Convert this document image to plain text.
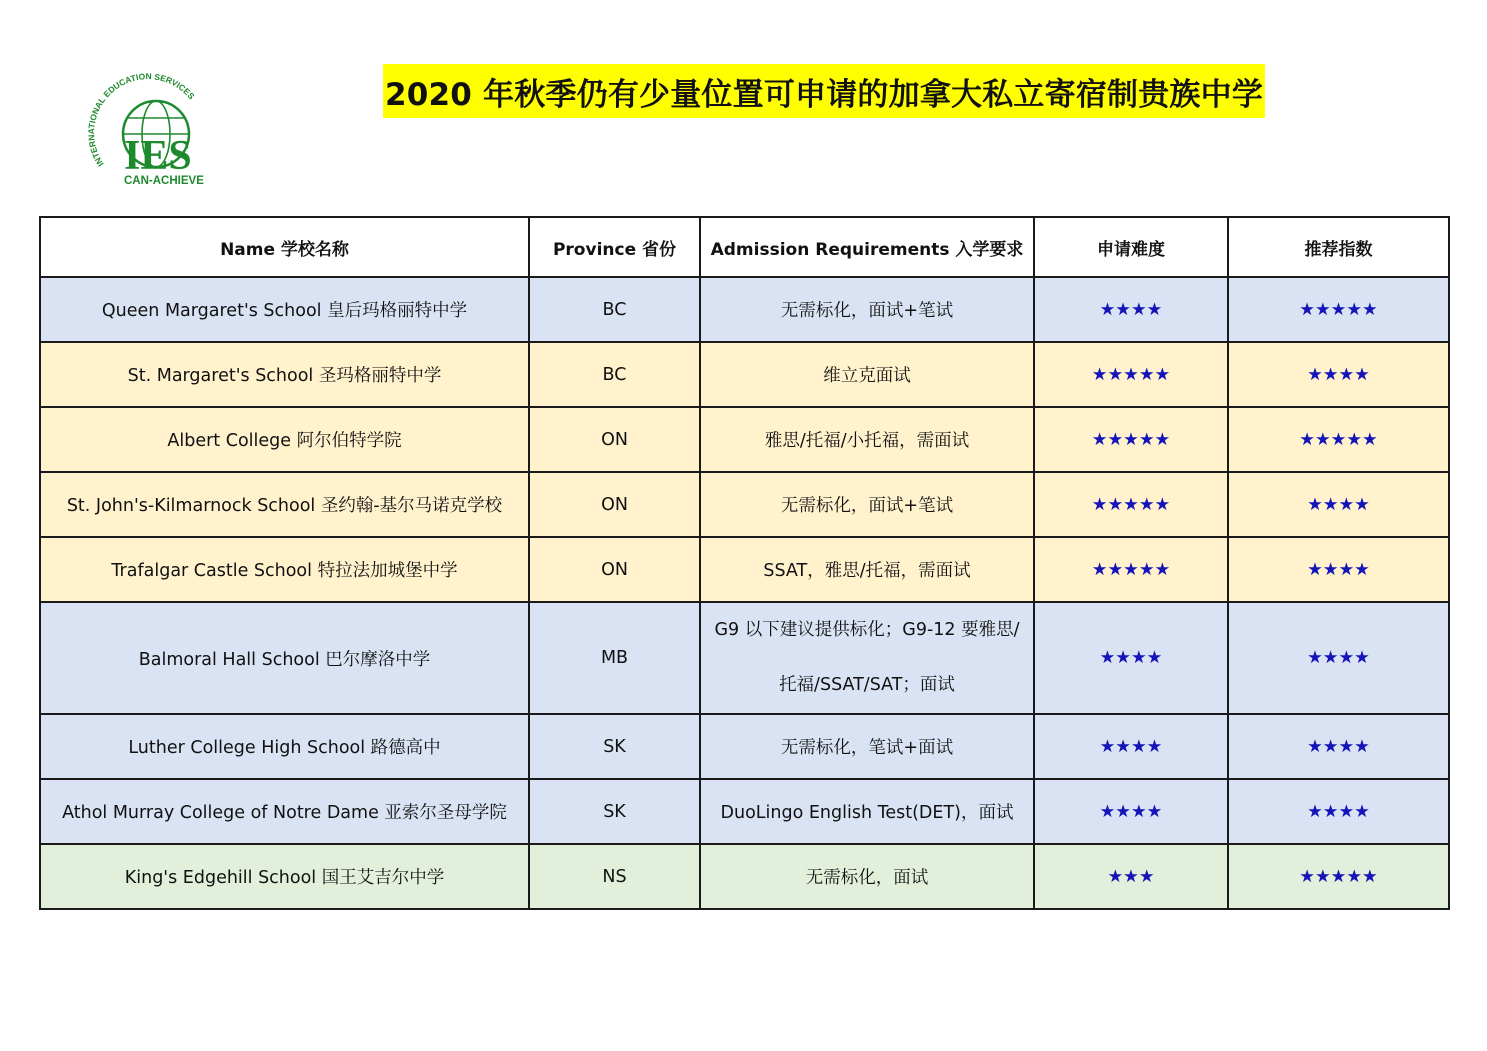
INTERNATIONAL EDUCATION SERVICES
IES
CAN-ACHIEVE
2020 年秋季仍有少量位置可申请的加拿大私立寄宿制贵族中学
Name 学校名称	Province 省份	Admission Requirements 入学要求	申请难度	推荐指数
Queen Margaret's School 皇后玛格丽特中学	BC	无需标化，面试+笔试	★★★★	★★★★★
St. Margaret's School 圣玛格丽特中学	BC	维立克面试	★★★★★	★★★★
Albert College 阿尔伯特学院	ON	雅思/托福/小托福，需面试	★★★★★	★★★★★
St. John's-Kilmarnock School 圣约翰-基尔马诺克学校	ON	无需标化，面试+笔试	★★★★★	★★★★
Trafalgar Castle School 特拉法加城堡中学	ON	SSAT，雅思/托福，需面试	★★★★★	★★★★
Balmoral Hall School 巴尔摩洛中学	MB	G9 以下建议提供标化；G9-12 要雅思/托福/SSAT/SAT；面试	★★★★	★★★★
Luther College High School 路德高中	SK	无需标化，笔试+面试	★★★★	★★★★
Athol Murray College of Notre Dame 亚索尔圣母学院	SK	DuoLingo English Test(DET)，面试	★★★★	★★★★
King's Edgehill School 国王艾吉尔中学	NS	无需标化，面试	★★★	★★★★★
